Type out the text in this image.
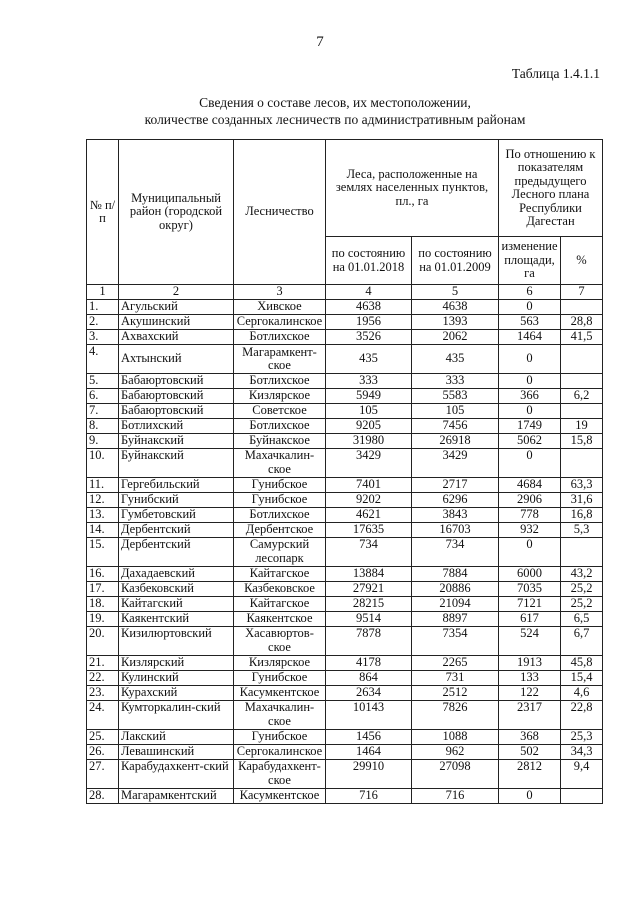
7
Таблица 1.4.1.1
Сведения о составе лесов, их местоположении,
количестве созданных лесничеств по административным районам
№ п/п	Муниципальный район (городской округ)	Лесничество	Леса, расположенные на землях населенных пунктов, пл., га		По отношению к показателям предыдущего Лесного плана Республики Дагестан	
			по состоянию на 01.01.2018	по состоянию на 01.01.2009	изменение площади, га	%
1	2	3	4	5	6	7
1.	Агульский	Хивское	4638	4638	0	
2.	Акушинский	Сергокалинское	1956	1393	563	28,8
3.	Ахвахский	Ботлихское	3526	2062	1464	41,5
4.	Ахтынский	Магарамкент-ское	435	435	0	
5.	Бабаюртовский	Ботлихское	333	333	0	
6.	Бабаюртовский	Кизлярское	5949	5583	366	6,2
7.	Бабаюртовский	Советское	105	105	0	
8.	Ботлихский	Ботлихское	9205	7456	1749	19
9.	Буйнакский	Буйнакское	31980	26918	5062	15,8
10.	Буйнакский	Махачкалин-ское	3429	3429	0	
11.	Гергебильский	Гунибское	7401	2717	4684	63,3
12.	Гунибский	Гунибское	9202	6296	2906	31,6
13.	Гумбетовский	Ботлихское	4621	3843	778	16,8
14.	Дербентский	Дербентское	17635	16703	932	5,3
15.	Дербентский	Самурский лесопарк	734	734	0	
16.	Дахадаевский	Кайтагское	13884	7884	6000	43,2
17.	Казбековский	Казбековское	27921	20886	7035	25,2
18.	Кайтагский	Кайтагское	28215	21094	7121	25,2
19.	Каякентский	Каякентское	9514	8897	617	6,5
20.	Кизилюртовский	Хасавюртов-ское	7878	7354	524	6,7
21.	Кизлярский	Кизлярское	4178	2265	1913	45,8
22.	Кулинский	Гунибское	864	731	133	15,4
23.	Курахский	Касумкентское	2634	2512	122	4,6
24.	Кумторкалин-ский	Махачкалин-ское	10143	7826	2317	22,8
25.	Лакский	Гунибское	1456	1088	368	25,3
26.	Левашинский	Сергокалинское	1464	962	502	34,3
27.	Карабудахкент-ский	Карабудахкент-ское	29910	27098	2812	9,4
28.	Магарамкентский	Касумкентское	716	716	0	
